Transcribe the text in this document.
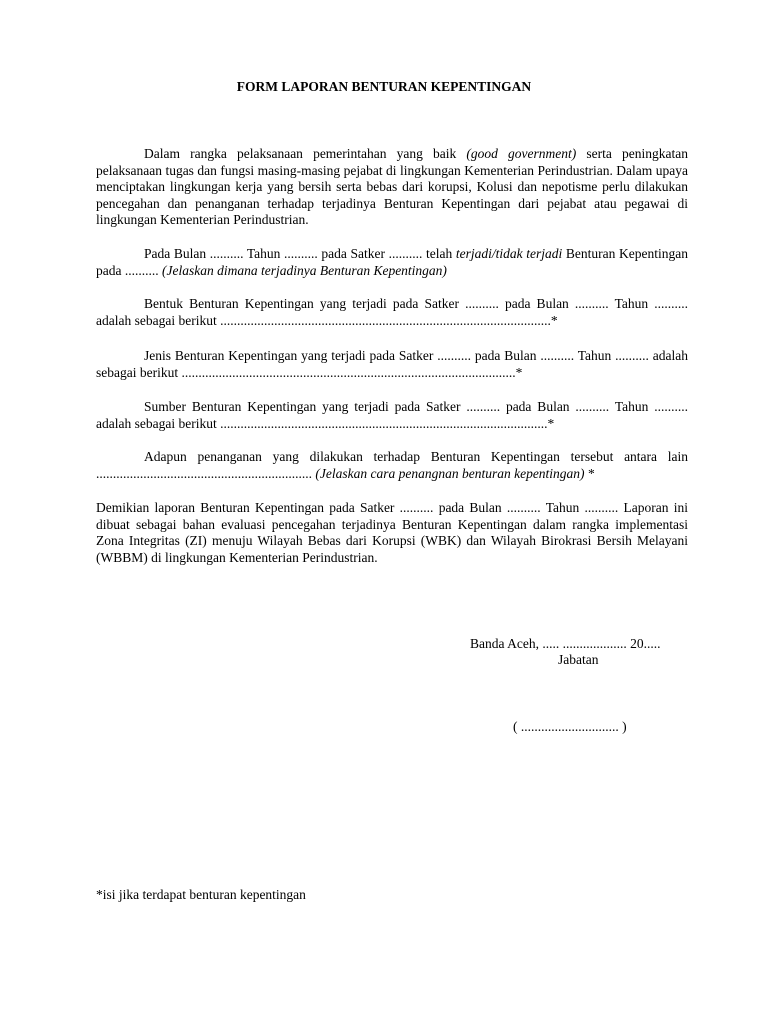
FORM LAPORAN BENTURAN KEPENTINGAN
Dalam rangka pelaksanaan pemerintahan yang baik (good government) serta peningkatan pelaksanaan tugas dan fungsi masing-masing pejabat di lingkungan Kementerian Perindustrian. Dalam upaya menciptakan lingkungan kerja yang bersih serta bebas dari korupsi, Kolusi dan nepotisme perlu dilakukan pencegahan dan penanganan terhadap terjadinya Benturan Kepentingan dari pejabat atau pegawai di lingkungan Kementerian Perindustrian.
Pada Bulan .......... Tahun .......... pada Satker .......... telah terjadi/tidak terjadi Benturan Kepentingan pada .......... (Jelaskan dimana terjadinya Benturan Kepentingan)
Bentuk Benturan Kepentingan yang terjadi pada Satker .......... pada Bulan .......... Tahun .......... adalah sebagai berikut ..................................................................................................*
Jenis Benturan Kepentingan yang terjadi pada Satker .......... pada Bulan .......... Tahun .......... adalah sebagai berikut ...................................................................................................*
Sumber Benturan Kepentingan yang terjadi pada Satker .......... pada Bulan .......... Tahun .......... adalah sebagai berikut .................................................................................................*
Adapun penanganan yang dilakukan terhadap Benturan Kepentingan tersebut antara lain ................................................................ (Jelaskan cara penangnan benturan kepentingan) *
Demikian laporan Benturan Kepentingan pada Satker .......... pada Bulan .......... Tahun .......... Laporan ini dibuat sebagai bahan evaluasi pencegahan terjadinya Benturan Kepentingan dalam rangka implementasi Zona Integritas (ZI) menuju Wilayah Bebas dari Korupsi (WBK) dan Wilayah Birokrasi Bersih Melayani (WBBM) di lingkungan Kementerian Perindustrian.
Banda Aceh, ..... ................... 20.....
Jabatan
( ............................. )
*isi jika terdapat benturan kepentingan
